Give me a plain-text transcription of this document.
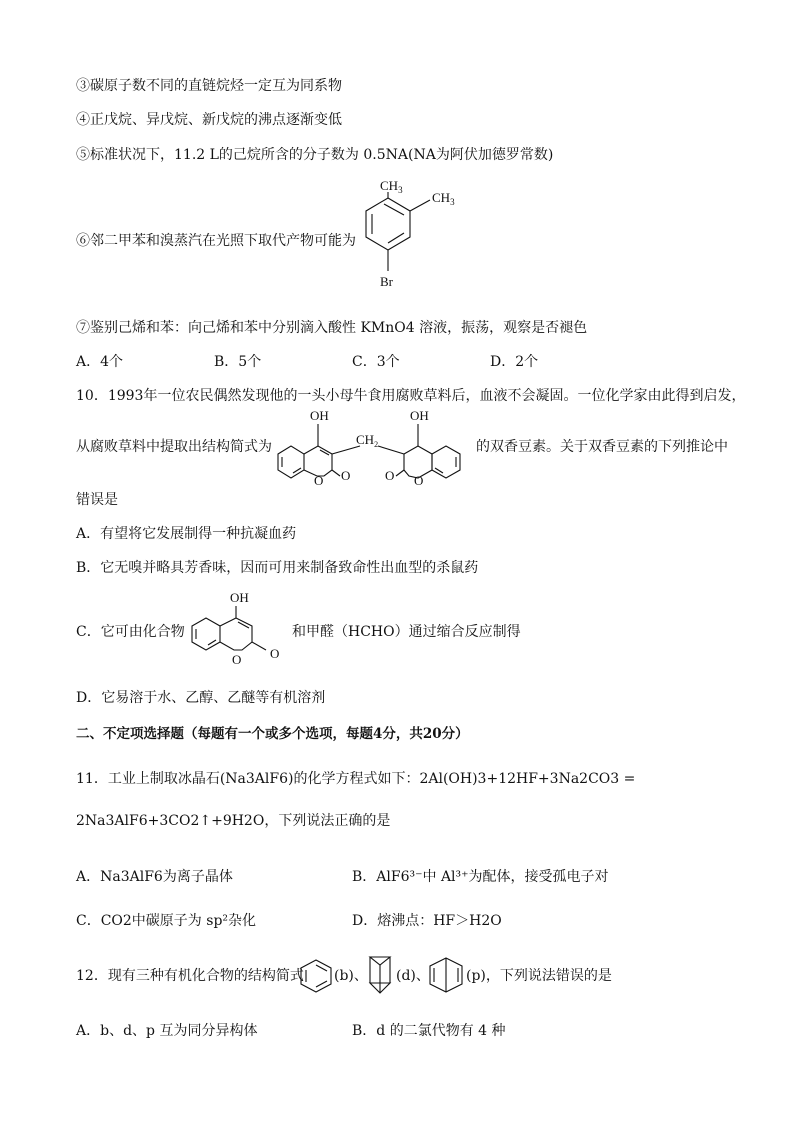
③碳原子数不同的直链烷烃一定互为同系物
④正戊烷、异戊烷、新戊烷的沸点逐渐变低
⑤标准状况下，11.2 L的己烷所含的分子数为 0.5NA(NA为阿伏加德罗常数)
⑥邻二甲苯和溴蒸汽在光照下取代产物可能为
$CH_3$ $CH_3$
Br
⑦鉴别己烯和苯：向己烯和苯中分别滴入酸性 KMnO4 溶液，振荡，观察是否褪色
A．4个	B．5个	C．3个	D．2个
10．1993年一位农民偶然发现他的一头小母牛食用腐败草料后，血液不会凝固。一位化学家由此得到启发，
从腐败草料中提取出结构简式为
OH
O O
$CH_2$
OH
O O
的双香豆素。关于双香豆素的下列推论中
错误是
A．有望将它发展制得一种抗凝血药
B．它无嗅并略具芳香味，因而可用来制备致命性出血型的杀鼠药
C．它可由化合物
OH
O O
和甲醛（HCHO）通过缩合反应制得
D．它易溶于水、乙醇、乙醚等有机溶剂
二、不定项选择题（每题有一个或多个选项，每题4分，共20分）
11．工业上制取冰晶石(Na3AlF6)的化学方程式如下：2Al(OH)3+12HF+3Na2CO3 =
2Na3AlF6+3CO2↑+9H2O，下列说法正确的是
A．Na3AlF6为离子晶体	B．AlF6³⁻中 Al³⁺为配体，接受孤电子对
C．CO2中碳原子为 sp²杂化	D．熔沸点：HF＞H2O
12．现有三种有机化合物的结构简式 (b)、 (d)、	(p)，下列说法错误的是
A．b、d、p 互为同分异构体	B．d 的二氯代物有 4 种
